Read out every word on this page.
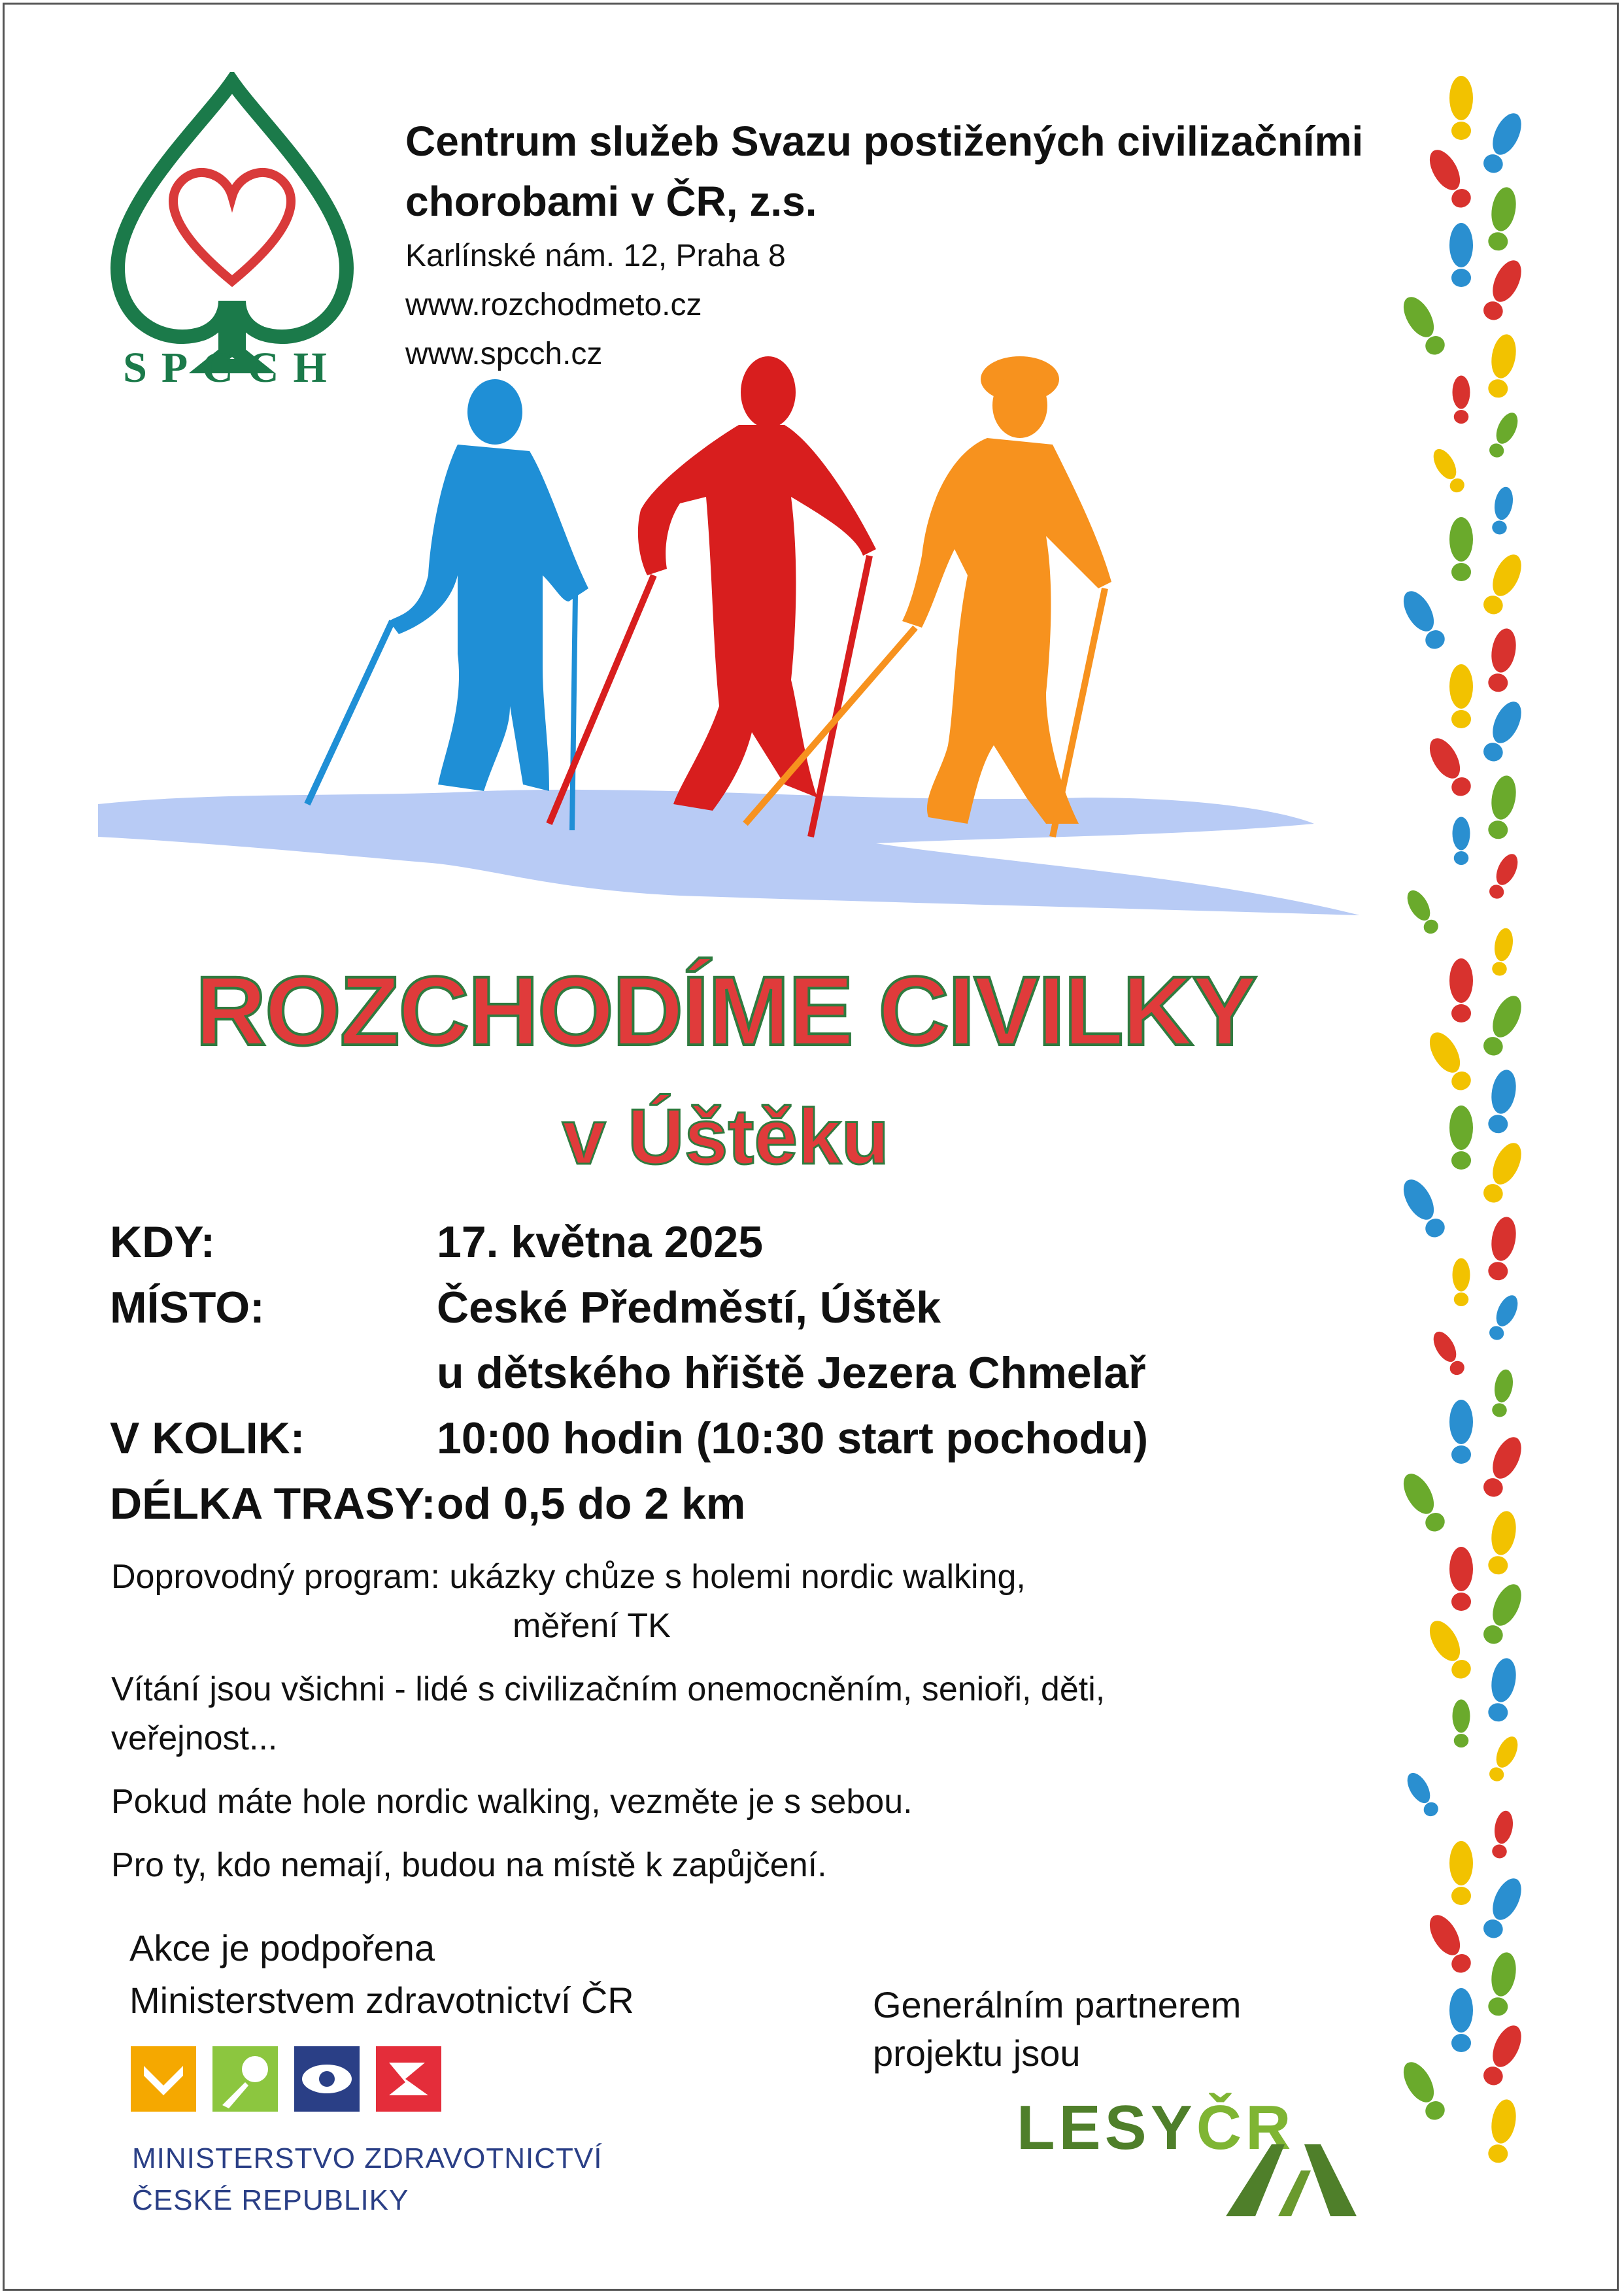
SPCCH
Centrum služeb Svazu postižených civilizačními
chorobami v ČR, z.s.
Karlínské nám. 12, Praha 8
www.rozchodmeto.cz
www.spcch.cz
ROZCHODÍME CIVILKY
v Úštěku
KDY:	17. května 2025
MÍSTO:	České Předměstí, Úštěk
u dětského hřiště Jezera Chmelař
V KOLIK:	10:00 hodin (10:30 start pochodu)
DÉLKA TRASY: od 0,5 do 2 km

Doprovodný program: ukázky chůze s holemi nordic walking,
měření TK

Vítání jsou všichni - lidé s civilizačním onemocněním, senioři, děti,
veřejnost...

Pokud máte hole nordic walking, vezměte je s sebou.

Pro ty, kdo nemají, budou na místě k zapůjčení.

Akce je podpořena
Ministerstvem zdravotnictví ČR
MINISTERSTVO ZDRAVOTNICTVÍ
ČESKÉ REPUBLIKY
Generálním partnerem
projektu jsou
LESYČR
